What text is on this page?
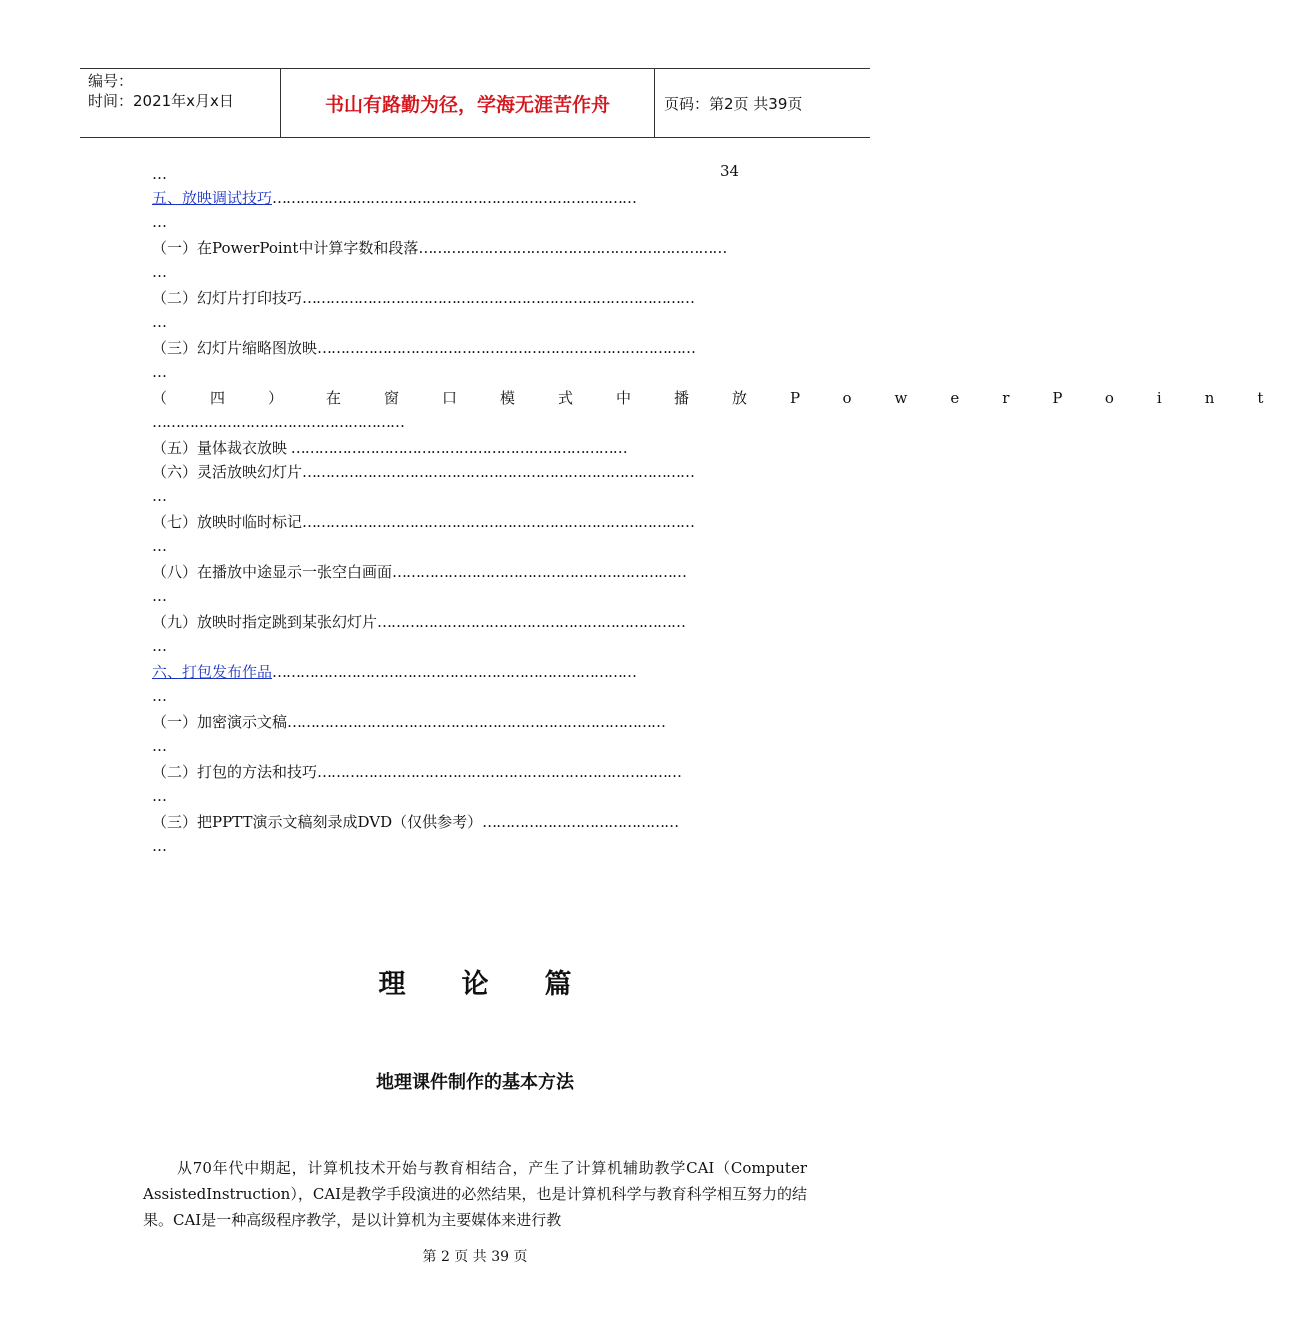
编号：
时间：2021年x月x日	书山有路勤为径，学海无涯苦作舟	页码：第2页 共39页
34
…
五、放映调试技巧……………………………………………………………………
…
（一）在PowerPoint中计算字数和段落…………………………………………………………
…
（二）幻灯片打印技巧…………………………………………………………………………
…
（三）幻灯片缩略图放映………………………………………………………………………
…
（四）在窗口模式中播放PowerPoint
………………………………………………
（五）量体裁衣放映 ………………………………………………………………
（六）灵活放映幻灯片…………………………………………………………………………
…
（七）放映时临时标记…………………………………………………………………………
…
（八）在播放中途显示一张空白画面………………………………………………………
…
（九）放映时指定跳到某张幻灯片…………………………………………………………
…
六、打包发布作品……………………………………………………………………
…
（一）加密演示文稿………………………………………………………………………
…
（二）打包的方法和技巧……………………………………………………………………
…
（三）把PPTT演示文稿刻录成DVD（仅供参考）……………………………………
…
理论篇
地理课件制作的基本方法

从70年代中期起，计算机技术开始与教育相结合，产生了计算机辅助教学CAI（Computer AssistedInstruction），CAI是教学手段演进的必然结果，也是计算机科学与教育科学相互努力的结果。CAI是一种高级程序教学，是以计算机为主要媒体来进行教

第 2 页 共 39 页
